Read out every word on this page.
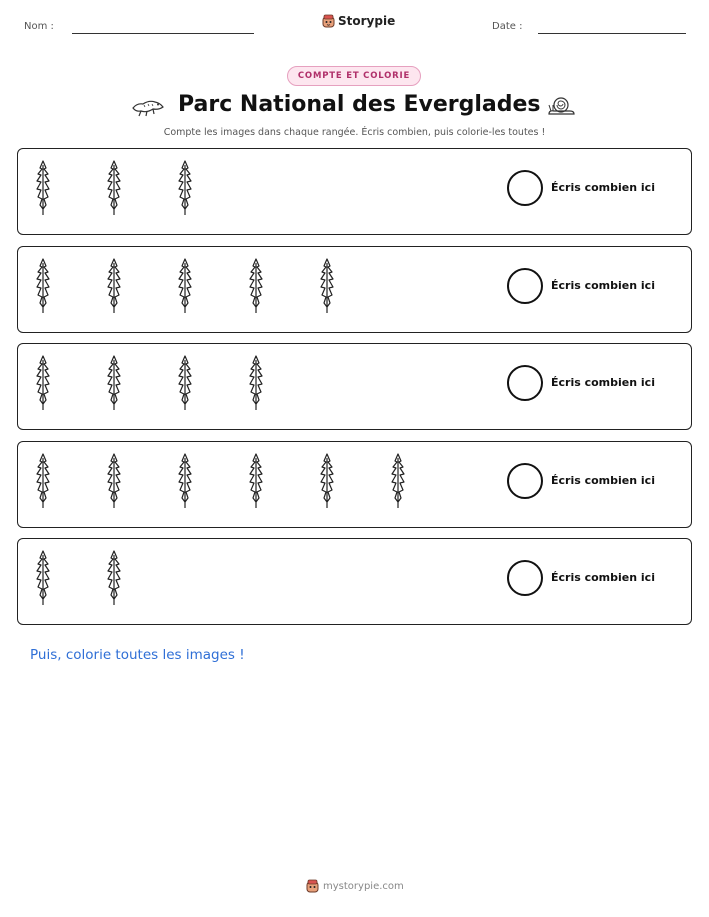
Nom :	Storypie	Date :
COMPTE ET COLORIE
Parc National des Everglades
Compte les images dans chaque rangée. Écris combien, puis colorie-les toutes !
Écris combien ici
Écris combien ici
Écris combien ici
Écris combien ici
Écris combien ici
Puis, colorie toutes les images !
mystorypie.com
